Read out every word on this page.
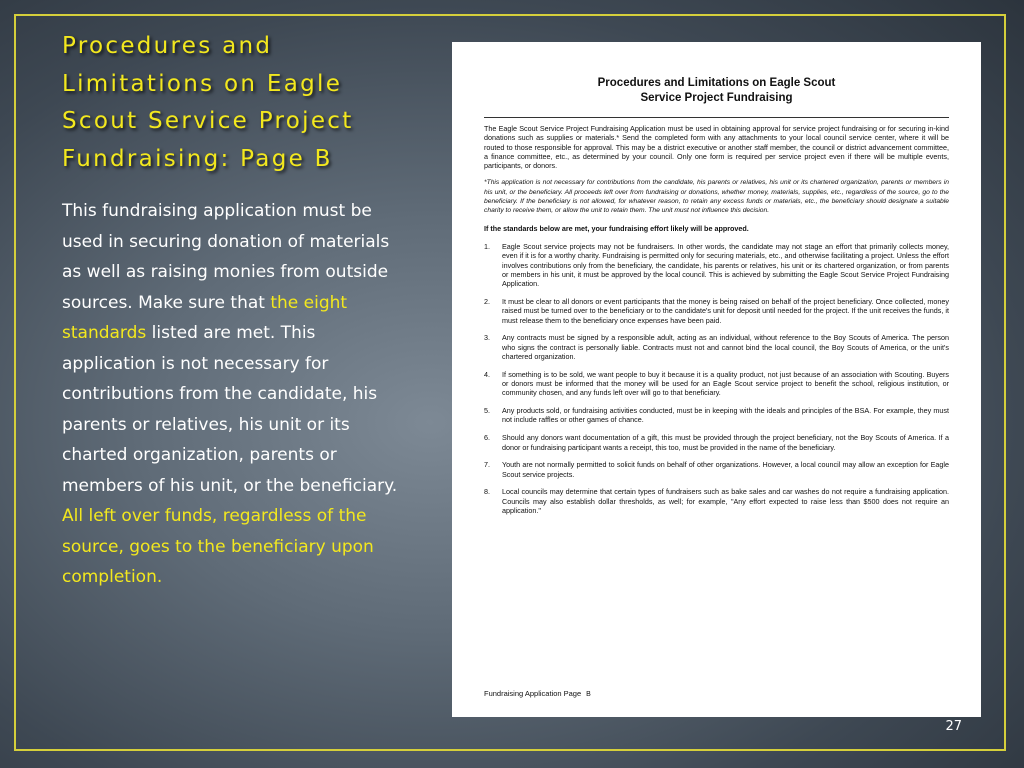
Procedures and
Limitations on Eagle
Scout Service Project
Fundraising: Page B

This fundraising application must be used in securing donation of materials as well as raising monies from outside sources. Make sure that the eight standards listed are met. This application is not necessary for contributions from the candidate, his parents or relatives, his unit or its charted organization, parents or members of his unit, or the beneficiary. All left over funds, regardless of the source, goes to the beneficiary upon completion.

Procedures and Limitations on Eagle Scout
Service Project Fundraising

The Eagle Scout Service Project Fundraising Application must be used in obtaining approval for service project fundraising or for securing in-kind donations such as supplies or materials.* Send the completed form with any attachments to your local council service center, where it will be routed to those responsible for approval. This may be a district executive or another staff member, the council or district advancement committee, a finance committee, etc., as determined by your council. Only one form is required per service project even if there will be multiple events, participants, or donors.

*This application is not necessary for contributions from the candidate, his parents or relatives, his unit or its chartered organization, parents or members in his unit, or the beneficiary. All proceeds left over from fundraising or donations, whether money, materials, supplies, etc., regardless of the source, go to the beneficiary. If the beneficiary is not allowed, for whatever reason, to retain any excess funds or materials, etc., the beneficiary should designate a suitable charity to receive them, or allow the unit to retain them. The unit must not influence this decision.

If the standards below are met, your fundraising effort likely will be approved.

1.	Eagle Scout service projects may not be fundraisers. In other words, the candidate may not stage an effort that primarily collects money, even if it is for a worthy charity. Fundraising is permitted only for securing materials, etc., and otherwise facilitating a project. Unless the effort involves contributions only from the beneficiary, the candidate, his parents or relatives, his unit or its chartered organization, or from parents or members in his unit, it must be approved by the local council. This is achieved by submitting the Eagle Scout Service Project Fundraising Application.
2.	It must be clear to all donors or event participants that the money is being raised on behalf of the project beneficiary. Once collected, money raised must be turned over to the beneficiary or to the candidate's unit for deposit until needed for the project. If the unit receives the funds, it must release them to the beneficiary once expenses have been paid.
3.	Any contracts must be signed by a responsible adult, acting as an individual, without reference to the Boy Scouts of America. The person who signs the contract is personally liable. Contracts must not and cannot bind the local council, the Boy Scouts of America, or the unit's chartered organization.
4.	If something is to be sold, we want people to buy it because it is a quality product, not just because of an association with Scouting. Buyers or donors must be informed that the money will be used for an Eagle Scout service project to benefit the school, religious institution, or community chosen, and any funds left over will go to that beneficiary.
5.	Any products sold, or fundraising activities conducted, must be in keeping with the ideals and principles of the BSA. For example, they must not include raffles or other games of chance.
6.	Should any donors want documentation of a gift, this must be provided through the project beneficiary, not the Boy Scouts of America. If a donor or fundraising participant wants a receipt, this too, must be provided in the name of the beneficiary.
7.	Youth are not normally permitted to solicit funds on behalf of other organizations. However, a local council may allow an exception for Eagle Scout service projects.
8.	Local councils may determine that certain types of fundraisers such as bake sales and car washes do not require a fundraising application. Councils may also establish dollar thresholds, as well; for example, "Any effort expected to raise less than $500 does not require an application."
Fundraising Application Page B
27
